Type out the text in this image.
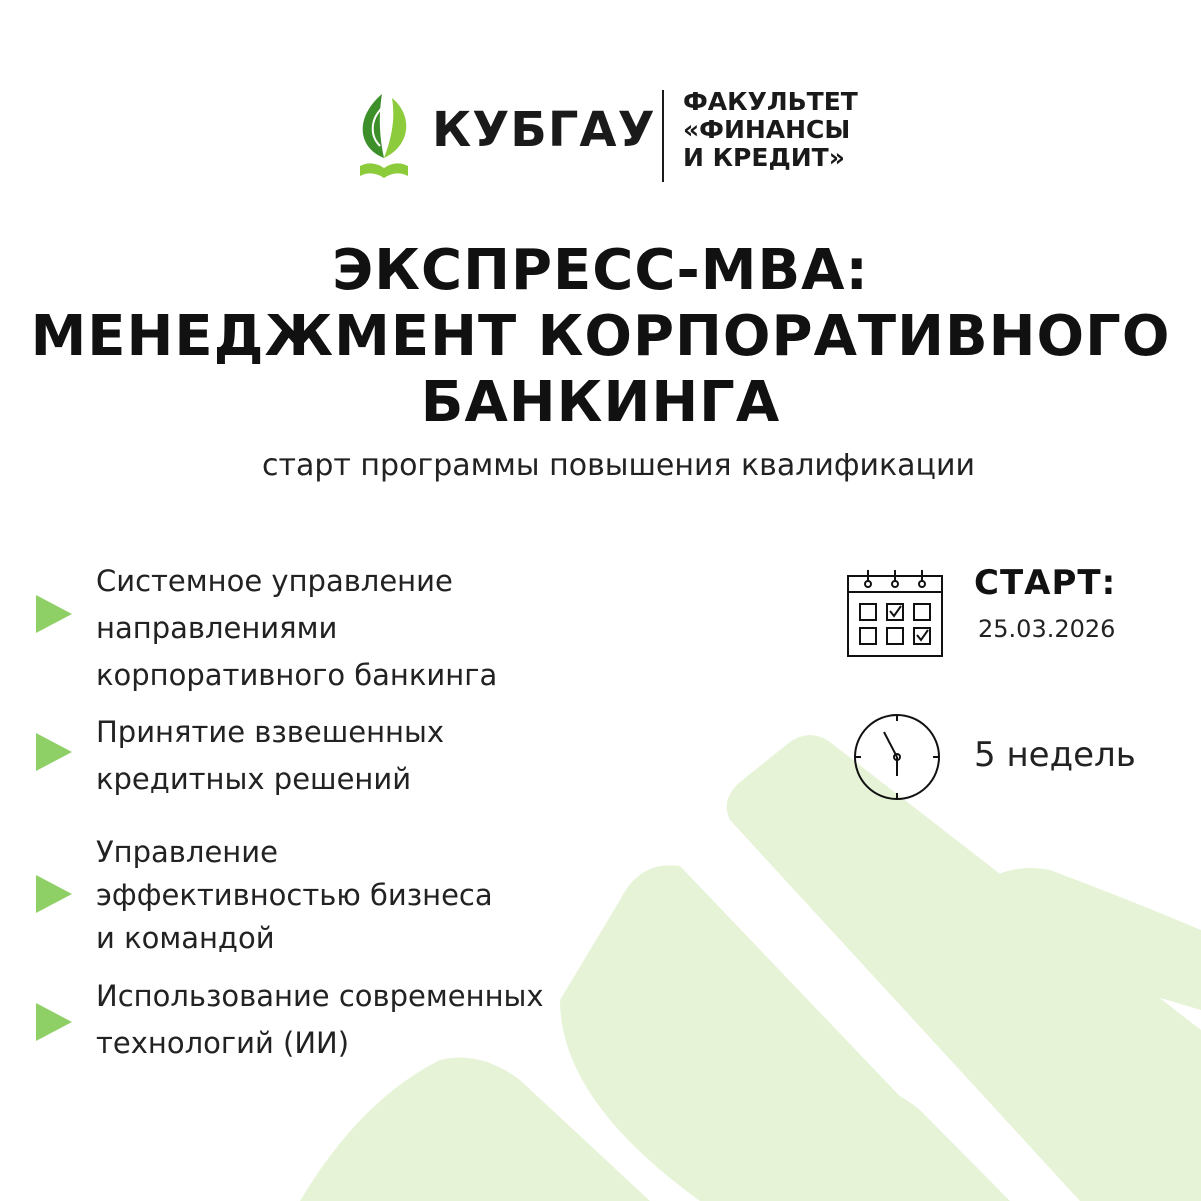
КУБГАУ
ФАКУЛЬТЕТ
«ФИНАНСЫ
И КРЕДИТ»
ЭКСПРЕСС-МВА:
МЕНЕДЖМЕНТ КОРПОРАТИВНОГО
БАНКИНГА
старт программы повышения квалификации
Системное управление
направлениями
корпоративного банкинга
Принятие взвешенных
кредитных решений
Управление
эффективностью бизнеса
и командой
Использование современных
технологий (ИИ)
СТАРТ:
25.03.2026
5 недель
